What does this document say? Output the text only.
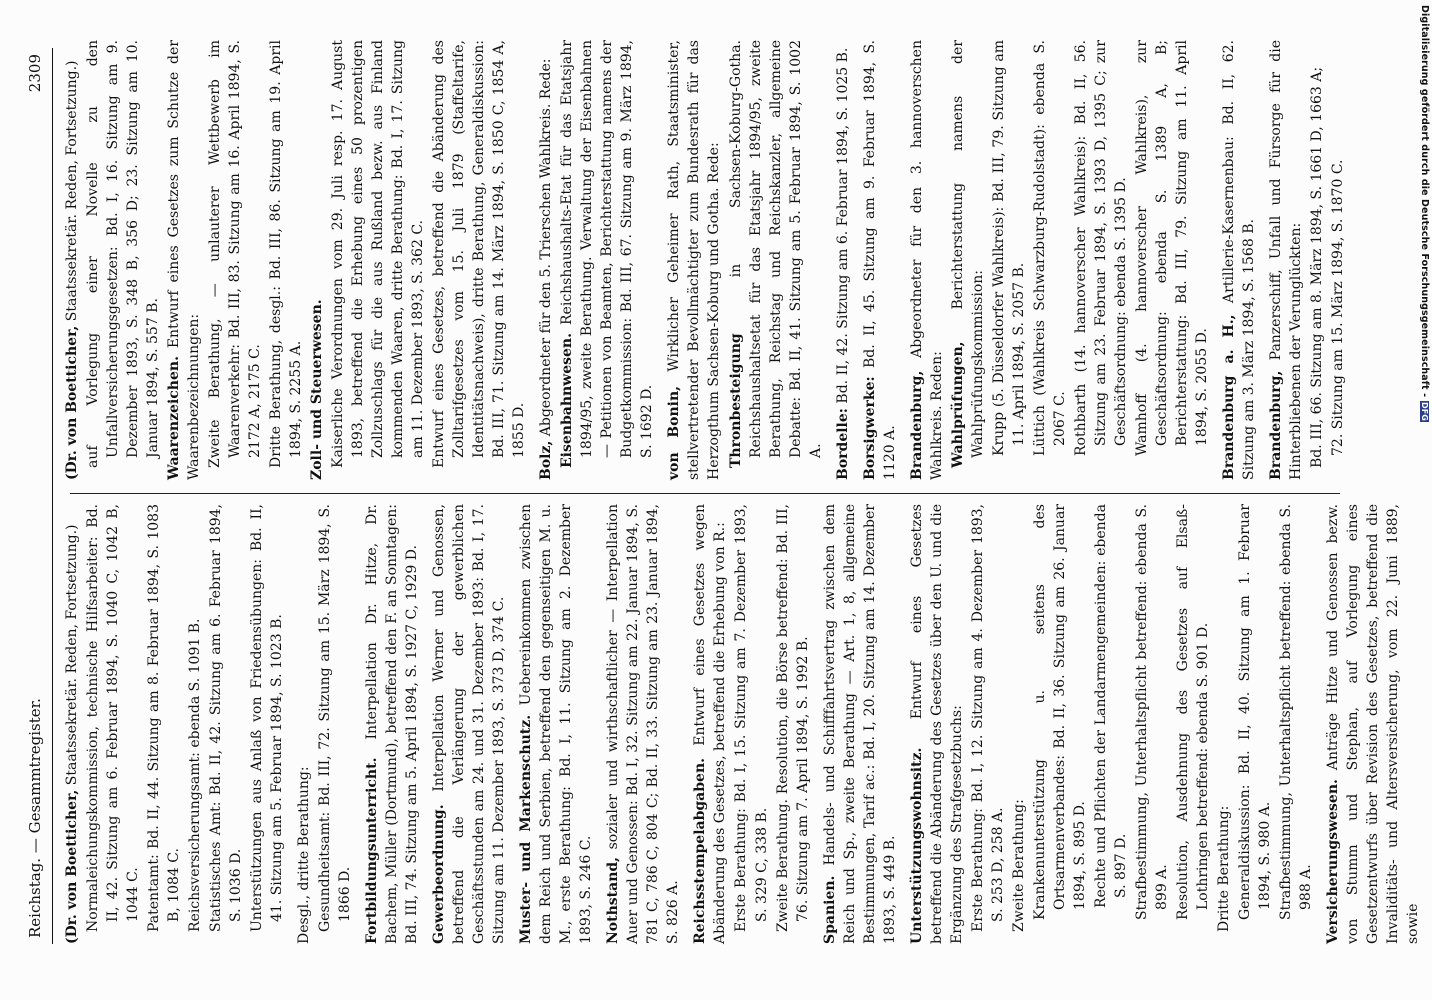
Reichstag. — Gesammtregister.
2309

(Dr. von Boetticher, Staatssekretär. Reden, Fortsetzung.) Normaleichungskommission, technische Hilfsarbeiter: Bd. II, 42. Sitzung am 6. Februar 1894, S. 1040 C, 1042 B, 1044 C. Patentamt: Bd. II, 44. Sitzung am 8. Februar 1894, S. 1083 B, 1084 C. Reichsversicherungsamt: ebenda S. 1091 B. Statistisches Amt: Bd. II, 42. Sitzung am 6. Februar 1894, S. 1036 D. Unterstützungen aus Anlaß von Friedensübungen: Bd. II, 41. Sitzung am 5. Februar 1894, S. 1023 B. Desgl., dritte Berathung: Gesundheitsamt: Bd. III, 72. Sitzung am 15. März 1894, S. 1866 D. Fortbildungsunterricht. Interpellation Dr. Hitze, Dr. Bachem, Müller (Dortmund), betreffend den F. an Sonntagen: Bd. III, 74. Sitzung am 5. April 1894, S. 1927 C, 1929 D. Gewerbeordnung. Interpellation Werner und Genossen, betreffend die Verlängerung der gewerblichen Geschäftsstunden am 24. und 31. Dezember 1893: Bd. I, 17. Sitzung am 11. Dezember 1893, S. 373 D, 374 C. Muster- und Markenschutz. Uebereinkommen zwischen dem Reich und Serbien, betreffend den gegenseitigen M. u. M., erste Berathung: Bd. I, 11. Sitzung am 2. Dezember 1893, S. 246 C. Nothstand, sozialer und wirthschaftlicher — Interpellation Auer und Genossen: Bd. I, 32. Sitzung am 22. Januar 1894, S. 781 C, 786 C, 804 C; Bd. II, 33. Sitzung am 23. Januar 1894, S. 826 A. Reichsstempelabgaben. Entwurf eines Gesetzes wegen Abänderung des Gesetzes, betreffend die Erhebung von R.: Erste Berathung: Bd. I, 15. Sitzung am 7. Dezember 1893, S. 329 C, 338 B. Zweite Berathung. Resolution, die Börse betreffend: Bd. III, 76. Sitzung am 7. April 1894, S. 1992 B. Spanien. Handels- und Schifffahrtsvertrag zwischen dem Reich und Sp., zweite Berathung — Art. 1, 8, allgemeine Bestimmungen, Tarif ac.: Bd. I, 20. Sitzung am 14. Dezember 1893, S. 449 B. Unterstützungswohnsitz. Entwurf eines Gesetzes betreffend die Abänderung des Gesetzes über den U. und die Ergänzung des Strafgesetzbuchs: Erste Berathung: Bd. I, 12. Sitzung am 4. Dezember 1893, S. 253 D, 258 A. Zweite Berathung: Krankenunterstützung u. seitens des Ortsarmenverbandes: Bd. II, 36. Sitzung am 26. Januar 1894, S. 895 D. Rechte und Pflichten der Landarmengemeinden: ebenda S. 897 D. Strafbestimmung, Unterhaltspflicht betreffend: ebenda S. 899 A. Resolution, Ausdehnung des Gesetzes auf Elsaß-Lothringen betreffend: ebenda S. 901 D. Dritte Berathung: Generaldiskussion: Bd. II, 40. Sitzung am 1. Februar 1894, S. 980 A. Strafbestimmung, Unterhaltspflicht betreffend: ebenda S. 988 A. Versicherungswesen. Anträge Hitze und Genossen bezw. von Stumm und Stephan, auf Vorlegung eines Gesetzentwurfs über Revision des Gesetzes, betreffend die Invaliditäts- und Altersversicherung, vom 22. Juni 1889, sowie

(Dr. von Boetticher, Staatssekretär. Reden, Fortsetzung.) auf Vorlegung einer Novelle zu den Unfallversicherungsgesetzen: Bd. I, 16. Sitzung am 9. Dezember 1893, S. 348 B, 356 D; 23. Sitzung am 10. Januar 1894, S. 557 B. Waarenzeichen. Entwurf eines Gesetzes zum Schutze der Waarenbezeichnungen: Zweite Berathung, — unlauterer Wettbewerb im Waarenverkehr: Bd. III, 83. Sitzung am 16. April 1894, S. 2172 A, 2175 C. Dritte Berathung, desgl.: Bd. III, 86. Sitzung am 19. April 1894, S. 2255 A. Zoll- und Steuerwesen. Kaiserliche Verordnungen vom 29. Juli resp. 17. August 1893, betreffend die Erhebung eines 50 prozentigen Zollzuschlags für die aus Rußland bezw. aus Finland kommenden Waaren, dritte Berathung: Bd. I, 17. Sitzung am 11. Dezember 1893, S. 362 C. Entwurf eines Gesetzes, betreffend die Abänderung des Zolltarifgesetzes vom 15. Juli 1879 (Staffeltarife, Identitätsnachweis), dritte Berathung, Generaldiskussion: Bd. III, 71. Sitzung am 14. März 1894, S. 1850 C, 1854 A, 1855 D.

Bolz, Abgeordneter für den 5. Trierschen Wahlkreis. Rede: Eisenbahnwesen. Reichshaushalts-Etat für das Etatsjahr 1894/95, zweite Berathung. Verwaltung der Eisenbahnen — Petitionen von Beamten, Berichterstattung namens der Budgetkommission: Bd. III, 67. Sitzung am 9. März 1894, S. 1692 D. von Bonin, Wirklicher Geheimer Rath, Staatsminister, stellvertretender Bevollmächtigter zum Bundesrath für das Herzogthum Sachsen-Koburg und Gotha. Rede: Thronbesteigung in Sachsen-Koburg-Gotha. Reichshaushaltsetat für das Etatsjahr 1894/95, zweite Berathung, Reichstag und Reichskanzler, allgemeine Debatte: Bd. II, 41. Sitzung am 5. Februar 1894, S. 1002 A. Bordelle: Bd. II, 42. Sitzung am 6. Februar 1894, S. 1025 B.

Borsigwerke: Bd. II, 45. Sitzung am 9. Februar 1894, S. 1120 A. Brandenburg, Abgeordneter für den 3. hannoverschen Wahlkreis. Reden: Wahlprüfungen, Berichterstattung namens der Wahlprüfungskommission: Krupp (5. Düsseldorfer Wahlkreis): Bd. III, 79. Sitzung am 11. April 1894, S. 2057 B. Lüttich (Wahlkreis Schwarzburg-Rudolstadt): ebenda S. 2067 C. Rothbarth (14. hannoverscher Wahlkreis): Bd. II, 56. Sitzung am 23. Februar 1894, S. 1393 D, 1395 C; zur Geschäftsordnung: ebenda S. 1395 D. Wamhoff (4. hannoverscher Wahlkreis), zur Geschäftsordnung: ebenda S. 1389 A, B; Berichterstattung: Bd. III, 79. Sitzung am 11. April 1894, S. 2055 D. Brandenburg a. H., Artillerie-Kasernenbau: Bd. II, 62. Sitzung am 3. März 1894, S. 1568 B. Brandenburg, Panzerschiff, Unfall und Fürsorge für die Hinterbliebenen der Verunglückten: Bd. III, 66. Sitzung am 8. März 1894, S. 1661 D, 1663 A; 72. Sitzung am 15. März 1894, S. 1870 C.	Digitalisierung gefördert durch die Deutsche Forschungsgemeinschaft - DFG
